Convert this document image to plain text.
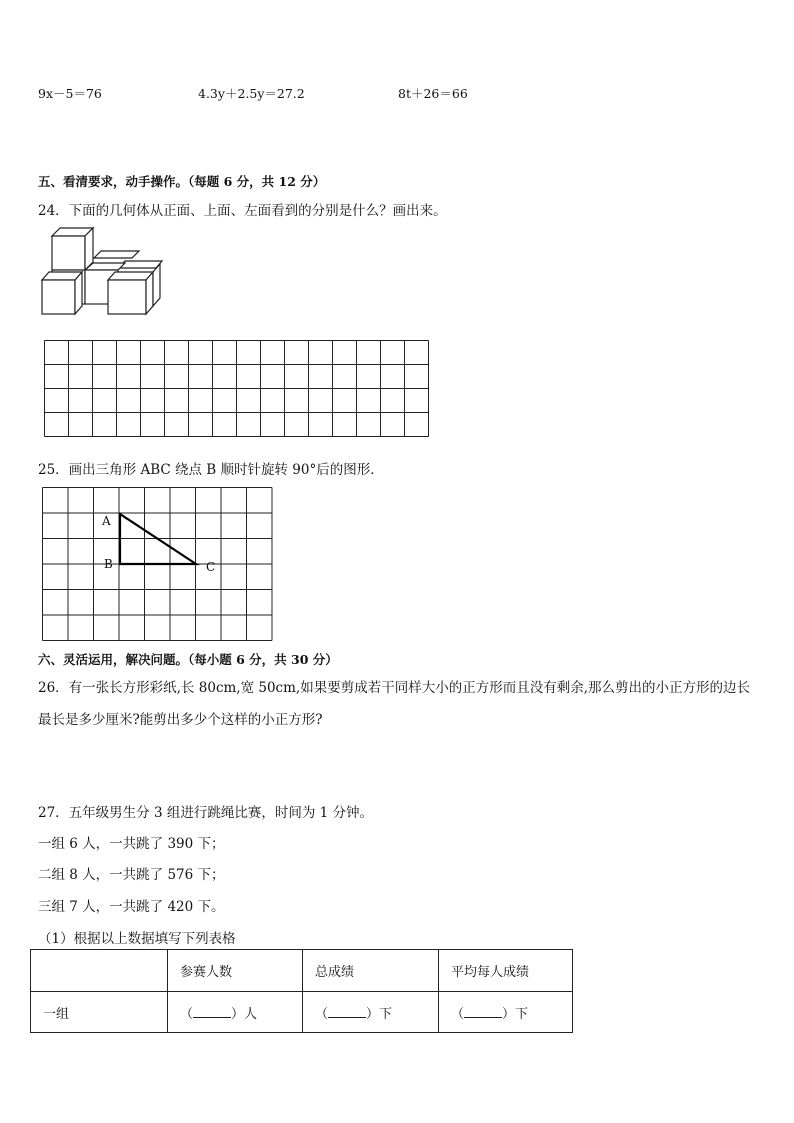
9x－5＝76	4.3y＋2.5y＝27.2	8t＋26＝66
五、看清要求，动手操作。（每题 6 分，共 12 分）
24．下面的几何体从正面、上面、左面看到的分别是什么？画出来。
25．画出三角形 ABC 绕点 B 顺时针旋转 90°后的图形．
A
B	C
六、灵活运用，解决问题。（每小题 6 分，共 30 分）
26．有一张长方形彩纸,长 80cm,宽 50cm,如果要剪成若干同样大小的正方形而且没有剩余,那么剪出的小正方形的边长
最长是多少厘米?能剪出多少个这样的小正方形?
27．五年级男生分 3 组进行跳绳比赛，时间为 1 分钟。
一组 6 人，一共跳了 390 下；
二组 8 人，一共跳了 576 下；
三组 7 人，一共跳了 420 下。
（1）根据以上数据填写下列表格
	参赛人数	总成绩	平均每人成绩
一组	（ ）人	（ ）下	（ ）下
